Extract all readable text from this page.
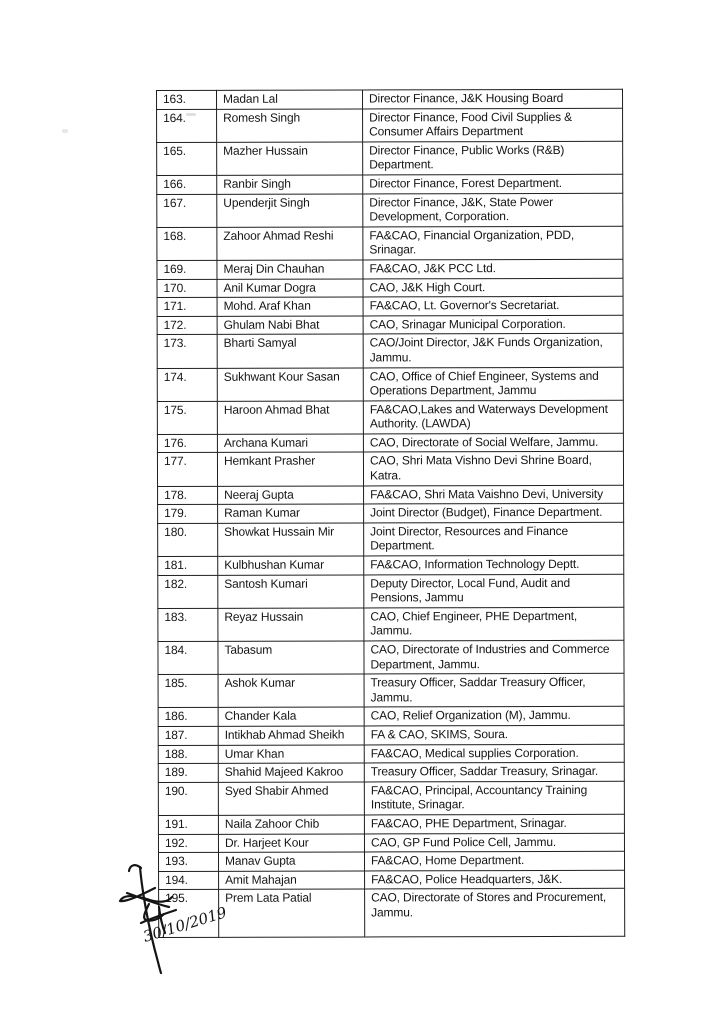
163.	Madan Lal	Director Finance, J&K Housing Board
164.	Romesh Singh	Director Finance, Food Civil Supplies & Consumer Affairs Department
165.	Mazher Hussain	Director Finance, Public Works (R&B) Department.
166.	Ranbir Singh	Director Finance, Forest Department.
167.	Upenderjit Singh	Director Finance, J&K, State Power Development, Corporation.
168.	Zahoor Ahmad Reshi	FA&CAO, Financial Organization, PDD, Srinagar.
169.	Meraj Din Chauhan	FA&CAO, J&K PCC Ltd.
170.	Anil Kumar Dogra	CAO, J&K High Court.
171.	Mohd. Araf Khan	FA&CAO, Lt. Governor's Secretariat.
172.	Ghulam Nabi Bhat	CAO, Srinagar Municipal Corporation.
173.	Bharti Samyal	CAO/Joint Director, J&K Funds Organization, Jammu.
174.	Sukhwant Kour Sasan	CAO, Office of Chief Engineer, Systems and Operations Department, Jammu
175.	Haroon Ahmad Bhat	FA&CAO,Lakes and Waterways Development Authority. (LAWDA)
176.	Archana Kumari	CAO, Directorate of Social Welfare, Jammu.
177.	Hemkant Prasher	CAO, Shri Mata Vishno Devi Shrine Board, Katra.
178.	Neeraj Gupta	FA&CAO, Shri Mata Vaishno Devi, University
179.	Raman Kumar	Joint Director (Budget), Finance Department.
180.	Showkat Hussain Mir	Joint Director, Resources and Finance Department.
181.	Kulbhushan Kumar	FA&CAO, Information Technology Deptt.
182.	Santosh Kumari	Deputy Director, Local Fund, Audit and Pensions, Jammu
183.	Reyaz Hussain	CAO, Chief Engineer, PHE Department, Jammu.
184.	Tabasum	CAO, Directorate of Industries and Commerce Department, Jammu.
185.	Ashok Kumar	Treasury Officer, Saddar Treasury Officer, Jammu.
186.	Chander Kala	CAO, Relief Organization (M), Jammu.
187.	Intikhab Ahmad Sheikh	FA & CAO, SKIMS, Soura.
188.	Umar Khan	FA&CAO, Medical supplies Corporation.
189.	Shahid Majeed Kakroo	Treasury Officer, Saddar Treasury, Srinagar.
190.	Syed Shabir Ahmed	FA&CAO, Principal, Accountancy Training Institute, Srinagar.
191.	Naila Zahoor Chib	FA&CAO, PHE Department, Srinagar.
192.	Dr. Harjeet Kour	CAO, GP Fund Police Cell, Jammu.
193.	Manav Gupta	FA&CAO, Home Department.
194.	Amit Mahajan	FA&CAO, Police Headquarters, J&K.
195.	Prem Lata Patial	CAO, Directorate of Stores and Procurement, Jammu.
30/10/2019
